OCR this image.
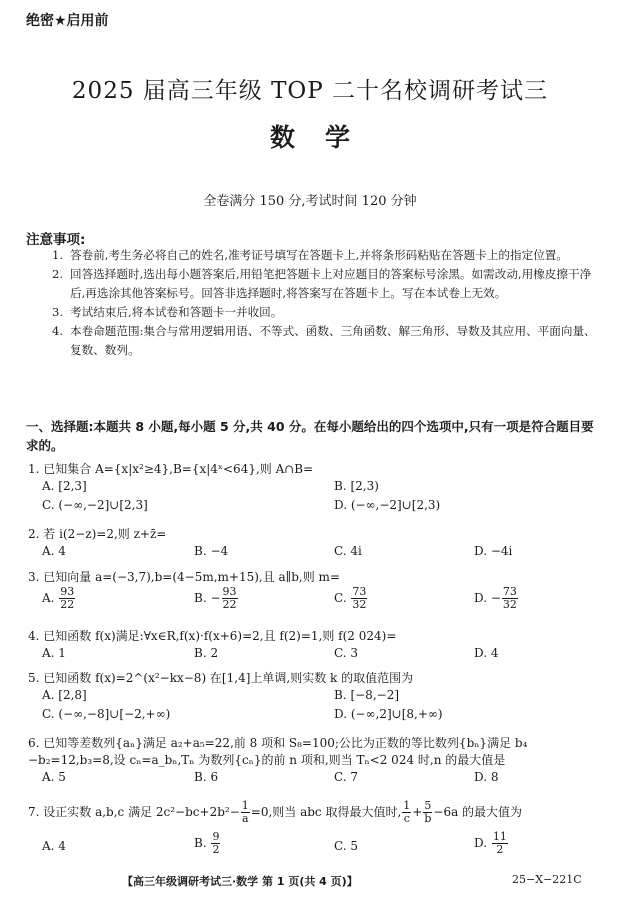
绝密★启用前
2025 届高三年级 TOP 二十名校调研考试三
数学
全卷满分 150 分,考试时间 120 分钟
注意事项:
1. 答卷前,考生务必将自己的姓名,准考证号填写在答题卡上,并将条形码粘贴在答题卡上的指定位置。
2. 回答选择题时,选出每小题答案后,用铅笔把答题卡上对应题目的答案标号涂黑。如需改动,用橡皮擦干净后,再选涂其他答案标号。回答非选择题时,将答案写在答题卡上。写在本试卷上无效。
3. 考试结束后,将本试卷和答题卡一并收回。
4. 本卷命题范围:集合与常用逻辑用语、不等式、函数、三角函数、解三角形、导数及其应用、平面向量、复数、数列。
一、选择题:本题共 8 小题,每小题 5 分,共 40 分。在每小题给出的四个选项中,只有一项是符合题目要求的。
1. 已知集合 A={x|x²≥4},B={x|4ˣ<64},则 A∩B=
A. [2,3]	B. [2,3)
C. (−∞,−2]∪[2,3]	D. (−∞,−2]∪[2,3)
2. 若 i(2−z)=2,则 z+z̄=
A. 4	B. −4	C. 4i	D. −4i
3. 已知向量 a=(−3,7),b=(4−5m,m+15),且 a∥b,则 m=
A. $\frac{93}{22}$	B. − $\frac{93}{22}$	C. $\frac{73}{32}$	D. − $\frac{73}{32}$
4. 已知函数 f(x)满足:∀x∈R,f(x)·f(x+6)=2,且 f(2)=1,则 f(2 024)=
A. 1	B. 2	C. 3	D. 4
5. 已知函数 f(x)=2^(x²−kx−8) 在[1,4]上单调,则实数 k 的取值范围为
A. [2,8]	B. [−8,−2]
C. (−∞,−8]∪[−2,+∞)	D. (−∞,2]∪[8,+∞)
6. 已知等差数列{aₙ}满足 a₂+a₅=22,前 8 项和 S₈=100;公比为正数的等比数列{bₙ}满足 b₄
−b₂=12,b₃=8,设 cₙ=a_bₙ,Tₙ 为数列{cₙ}的前 n 项和,则当 Tₙ<2 024 时,n 的最大值是
A. 5	B. 6	C. 7	D. 8
7. 设正实数 a,b,c 满足 $2c^2-bc+2b^2- \frac{1}{a} =0$,则当 abc 取得最大值时, $\frac{1}{c} + \frac{5}{b} -6a$ 的最大值为
A. 4	B. $\frac{9}{2}$	C. 5	D. $\frac{11}{2}$
【高三年级调研考试三·数学 第 1 页(共 4 页)】	25−X−221C
